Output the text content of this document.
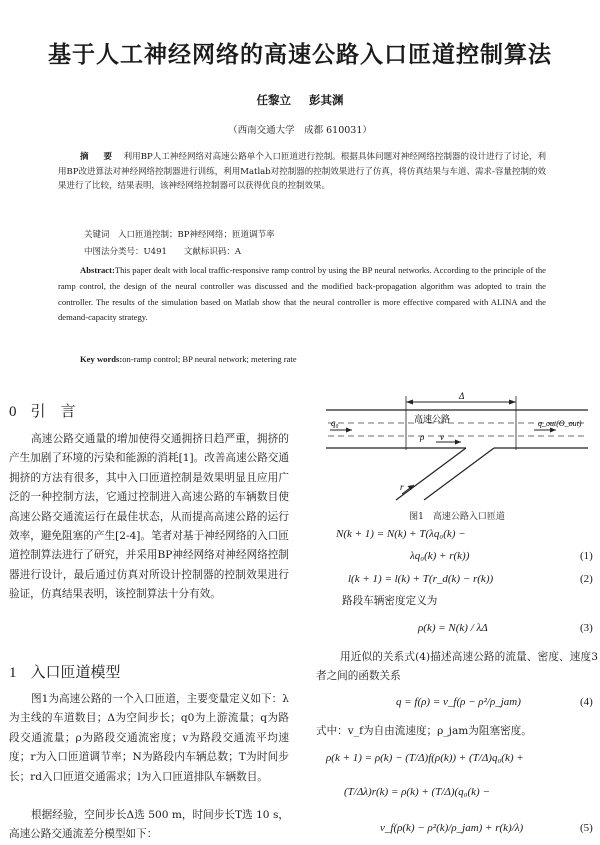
基于人工神经网络的高速公路入口匝道控制算法
任黎立 彭其渊
（西南交通大学　成都 610031）
摘 要 利用BP人工神经网络对高速公路单个入口匝道进行控制。根据具体问题对神经网络控制器的设计进行了讨论，利用BP改进算法对神经网络控制器进行训练，利用Matlab对控制器的控制效果进行了仿真，将仿真结果与车道、需求-容量控制的效果进行了比较，结果表明，该神经网络控制器可以获得优良的控制效果。
关键词　入口匝道控制；BP神经网络；匝道调节率
中图法分类号：U491　　文献标识码：A
Abstract:This paper dealt with local traffic-responsive ramp control by using the BP neural networks. According to the principle of the ramp control, the design of the neural controller was discussed and the modified back-propagation algorithm was adopted to train the controller. The results of the simulation based on Matlab show that the neural controller is more effective compared with ALINA and the demand-capacity strategy.
Key words:on-ramp control; BP neural network; metering rate
0 引　言
高速公路交通量的增加使得交通拥挤日趋严重，拥挤的产生加剧了环境的污染和能源的消耗[1]。改善高速公路交通拥挤的方法有很多，其中入口匝道控制是效果明显且应用广泛的一种控制方法，它通过控制进入高速公路的车辆数目使高速公路交通流运行在最佳状态，从而提高高速公路的运行效率，避免阻塞的产生[2-4]。笔者对基于神经网络的入口匝道控制算法进行了研究，并采用BP神经网络对神经网络控制器进行设计，最后通过仿真对所设计控制器的控制效果进行验证，仿真结果表明，该控制算法十分有效。
1 入口匝道模型
图1为高速公路的一个入口匝道，主要变量定义如下：λ为主线的车道数目；Δ为空间步长；q0为上游流量；q为路段交通流量；ρ为路段交通流密度；v为路段交通流平均速度；r为入口匝道调节率；N为路段内车辆总数；T为时间步长；rd入口匝道交通需求；l为入口匝道排队车辆数目。
根据经验，空间步长Δ选 500 m，时间步长T选 10 s，高速公路交通流差分模型如下：
Δ
高速公路
q₀	q_out(O_out)
ρ v
r
图1　高速公路入口匝道
N(k + 1) = N(k) + T(λq₀(k) −
λq₀(k) + r(k))	(1)
l(k + 1) = l(k) + T(r_d(k) − r(k))	(2)
路段车辆密度定义为
ρ(k) = N(k) / λΔ	(3)
用近似的关系式(4)描述高速公路的流量、密度、速度3者之间的函数关系
q = f(ρ) = v_f(ρ − ρ²/ρ_jam)	(4)
式中：v_f为自由流速度；ρ_jam为阻塞密度。
ρ(k + 1) = ρ(k) − (T/Δ)f(ρ(k)) + (T/Δ)q₀(k) +
(T/Δλ)r(k) = ρ(k) + (T/Δ)(q₀(k) −
v_f(ρ(k) − ρ²(k)/ρ_jam) + r(k)/λ)	(5)
